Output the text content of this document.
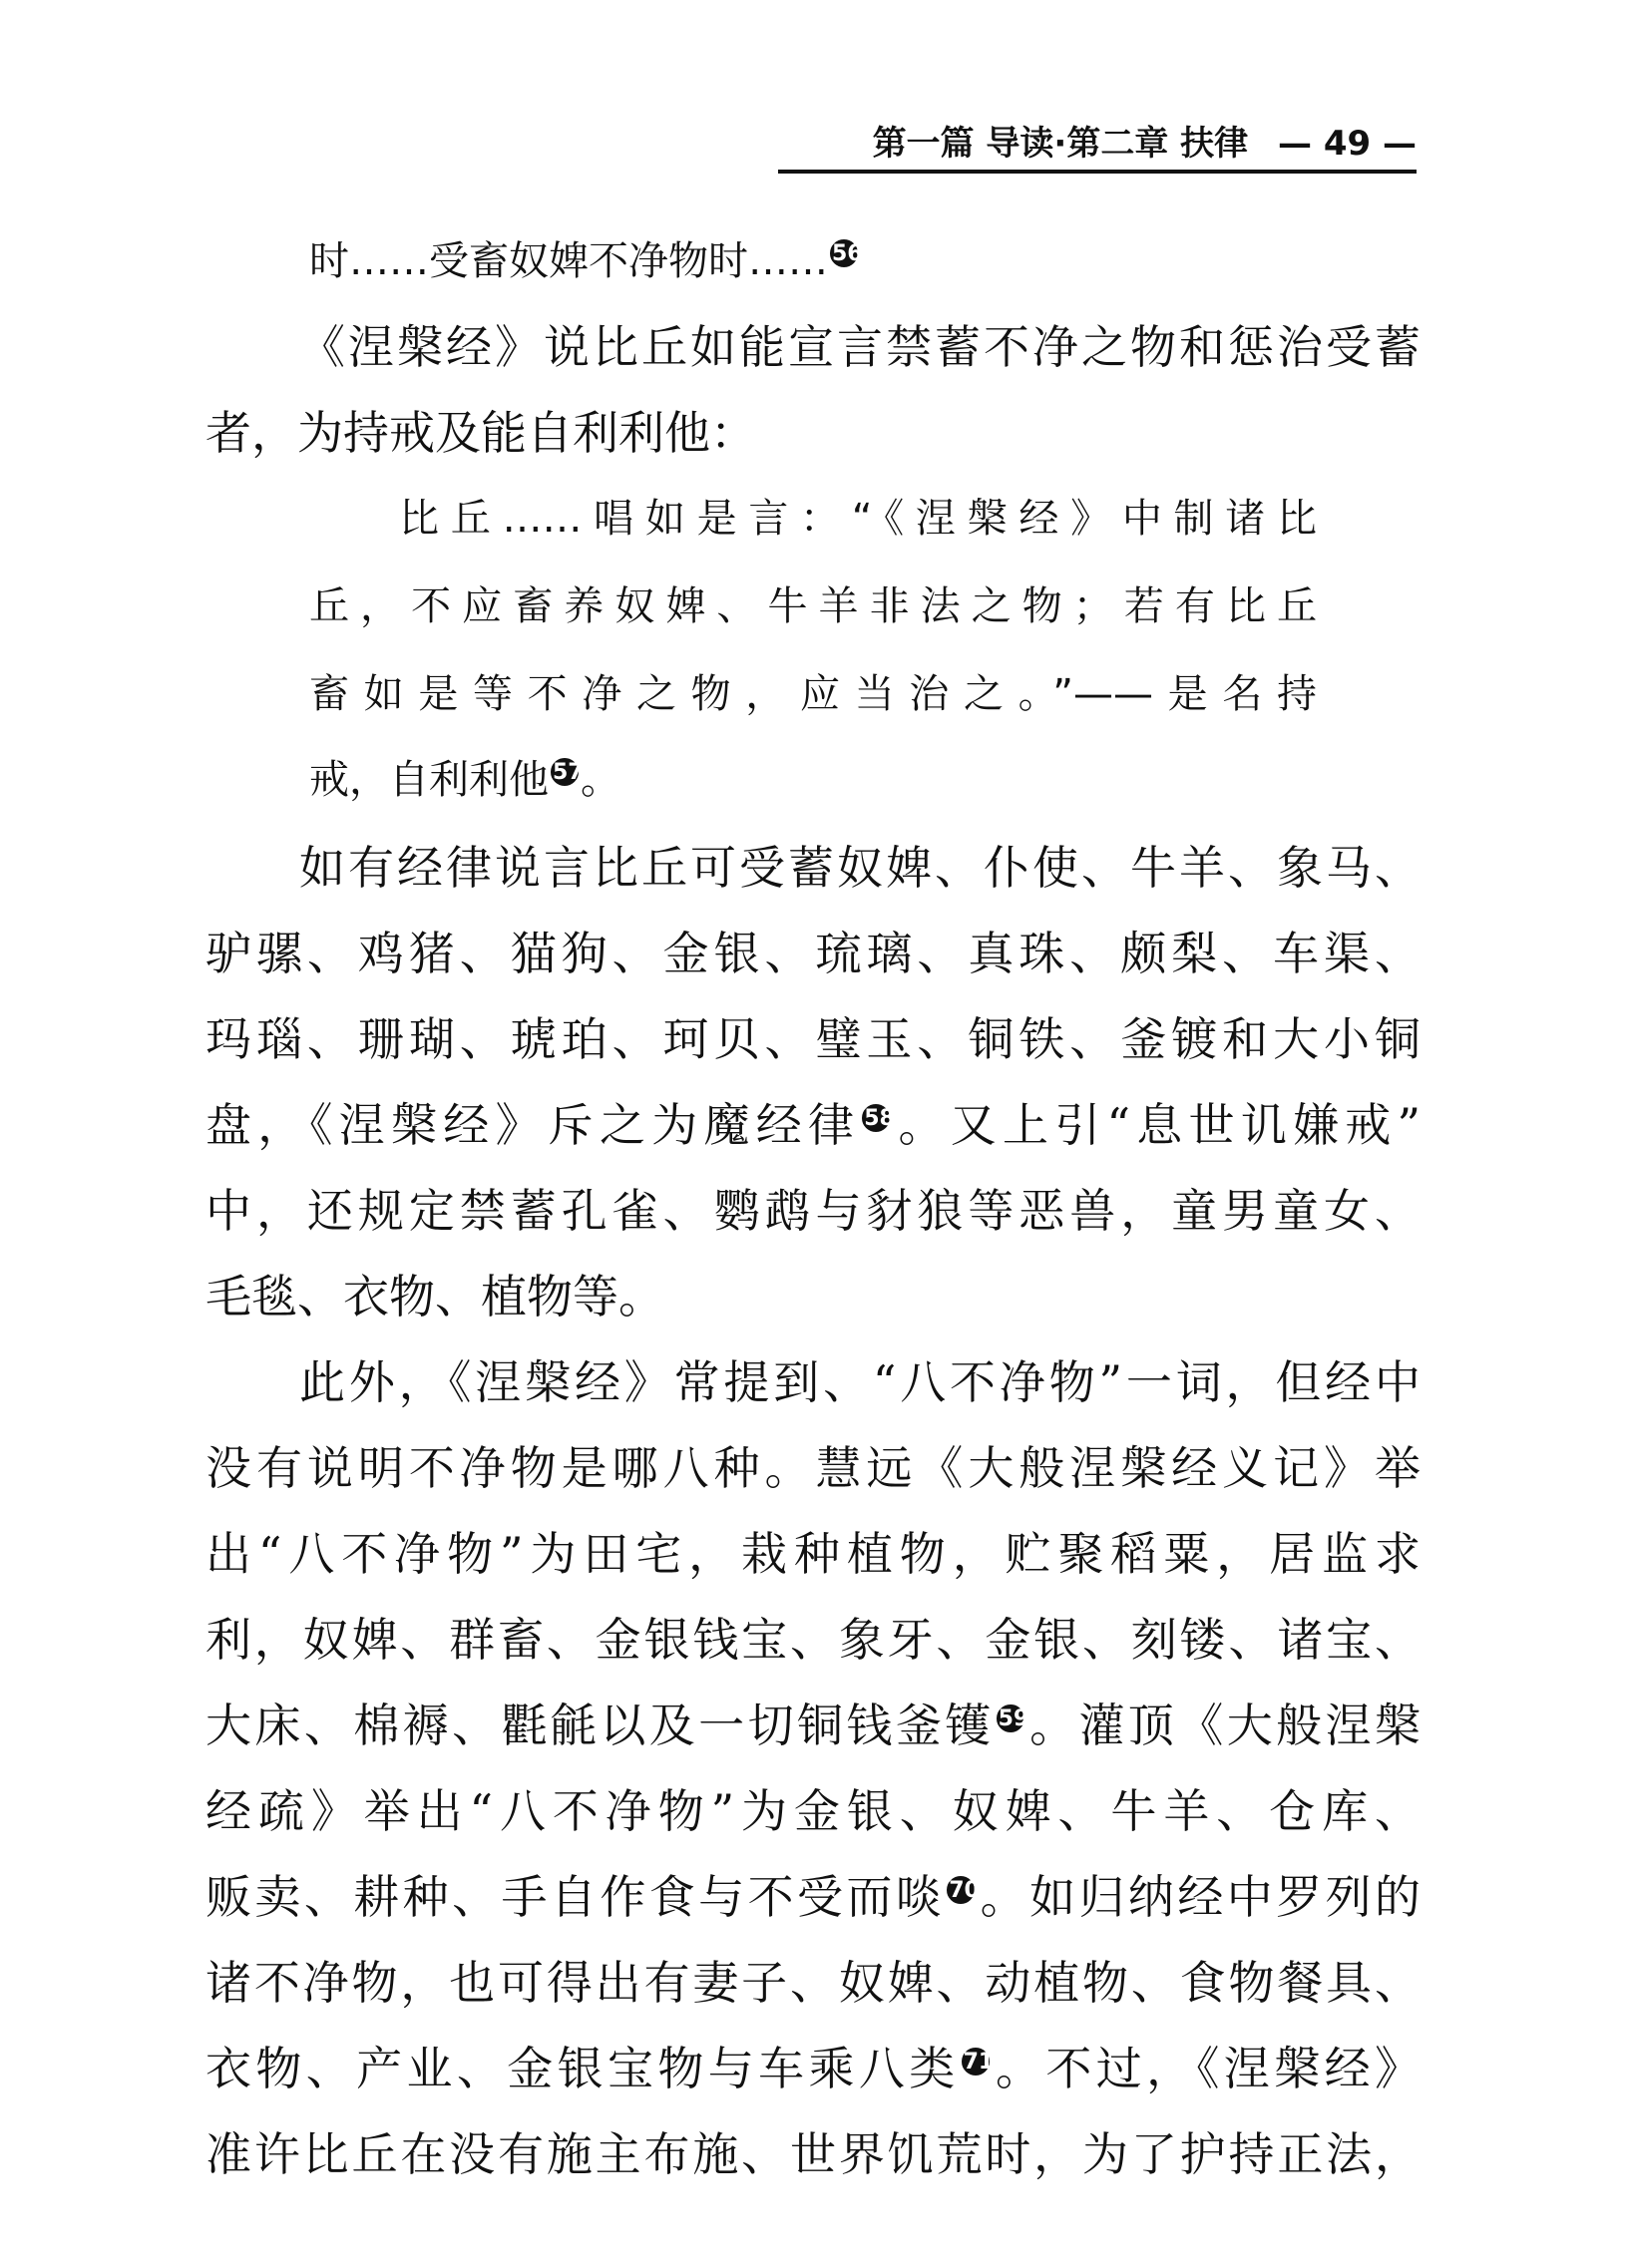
第一篇 导读·第二章 扶律 — 49 —
时……受畜奴婢不净物时…… 56
《涅槃经》说比丘如能宣言禁蓄不净之物和惩治受蓄
者，为持戒及能自利利他：
比丘……唱如是言：“《涅槃经》中制诸比
丘，不应畜养奴婢、牛羊非法之物；若有比丘
畜如是等不净之物，应当治之。”——是名持
戒，自利利他 57。
如有经律说言比丘可受蓄奴婢、仆使、牛羊、象马、
驴骡、鸡猪、猫狗、金银、琉璃、真珠、颇梨、车渠、
玛瑙、珊瑚、琥珀、珂贝、璧玉、铜铁、釜镀和大小铜
盘，《涅槃经》斥之为魔经律 58。又上引“息世讥嫌戒”
中，还规定禁蓄孔雀、鹦鹉与豺狼等恶兽，童男童女、
毛毯、衣物、植物等。
此外，《涅槃经》常提到、“八不净物”一词，但经中
没有说明不净物是哪八种。慧远《大般涅槃经义记》举
出“八不净物”为田宅，栽种植物，贮聚稻粟，居监求
利，奴婢、群畜、金银钱宝、象牙、金银、刻镂、诸宝、
大床、棉褥、氍毹以及一切铜钱釜镬 59。灌顶《大般涅槃
经疏》举出“八不净物”为金银、奴婢、牛羊、仓库、
贩卖、耕种、手自作食与不受而啖 70。如归纳经中罗列的
诸不净物，也可得出有妻子、奴婢、动植物、食物餐具、
衣物、产业、金银宝物与车乘八类 71。不过，《涅槃经》
准许比丘在没有施主布施、世界饥荒时，为了护持正法，
